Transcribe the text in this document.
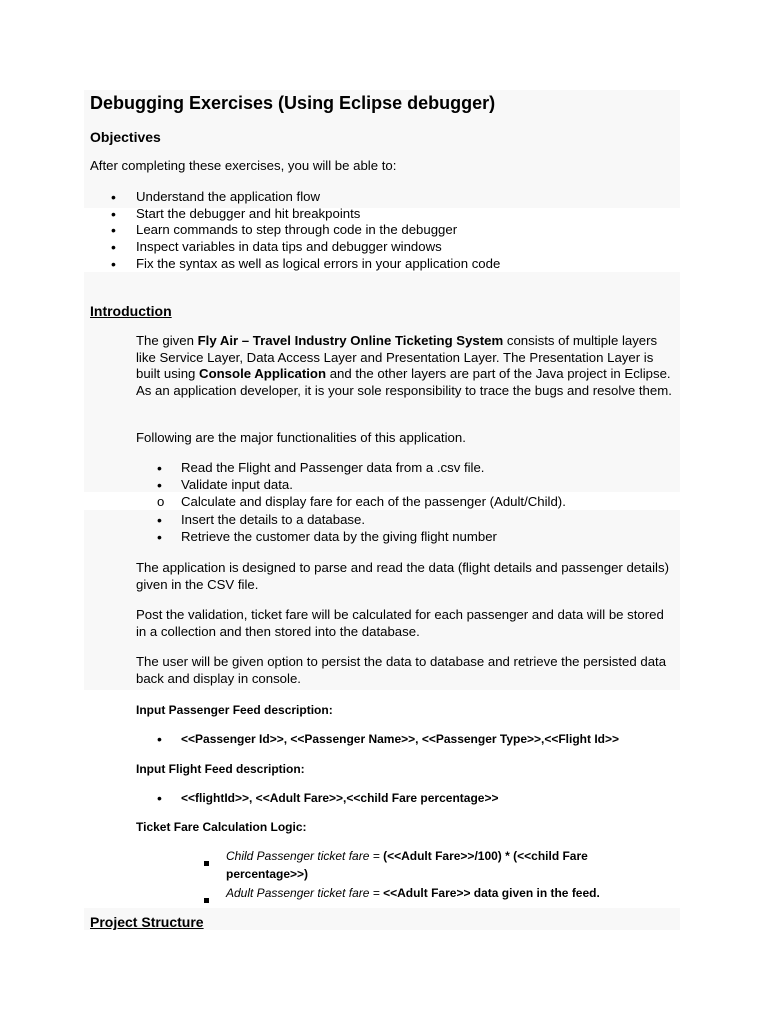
Debugging Exercises (Using Eclipse debugger)
Objectives
After completing these exercises, you will be able to:
• Understand the application flow
• Start the debugger and hit breakpoints
• Learn commands to step through code in the debugger
• Inspect variables in data tips and debugger windows
• Fix the syntax as well as logical errors in your application code
Introduction
The given Fly Air – Travel Industry Online Ticketing System consists of multiple layers like Service Layer, Data Access Layer and Presentation Layer. The Presentation Layer is built using Console Application and the other layers are part of the Java project in Eclipse. As an application developer, it is your sole responsibility to trace the bugs and resolve them.
Following are the major functionalities of this application.
• Read the Flight and Passenger data from a .csv file.
• Validate input data.
o Calculate and display fare for each of the passenger (Adult/Child).
• Insert the details to a database.
• Retrieve the customer data by the giving flight number
The application is designed to parse and read the data (flight details and passenger details) given in the CSV file.
Post the validation, ticket fare will be calculated for each passenger and data will be stored in a collection and then stored into the database.
The user will be given option to persist the data to database and retrieve the persisted data back and display in console.
Input Passenger Feed description:
• <<Passenger Id>>, <<Passenger Name>>, <<Passenger Type>>,<<Flight Id>>
Input Flight Feed description:
• <<flightId>>, <<Adult Fare>>,<<child Fare percentage>>
Ticket Fare Calculation Logic:
Child Passenger ticket fare = (<<Adult Fare>>/100) * (<<child Fare
percentage>>)
Adult Passenger ticket fare = <<Adult Fare>> data given in the feed.
Project Structure
